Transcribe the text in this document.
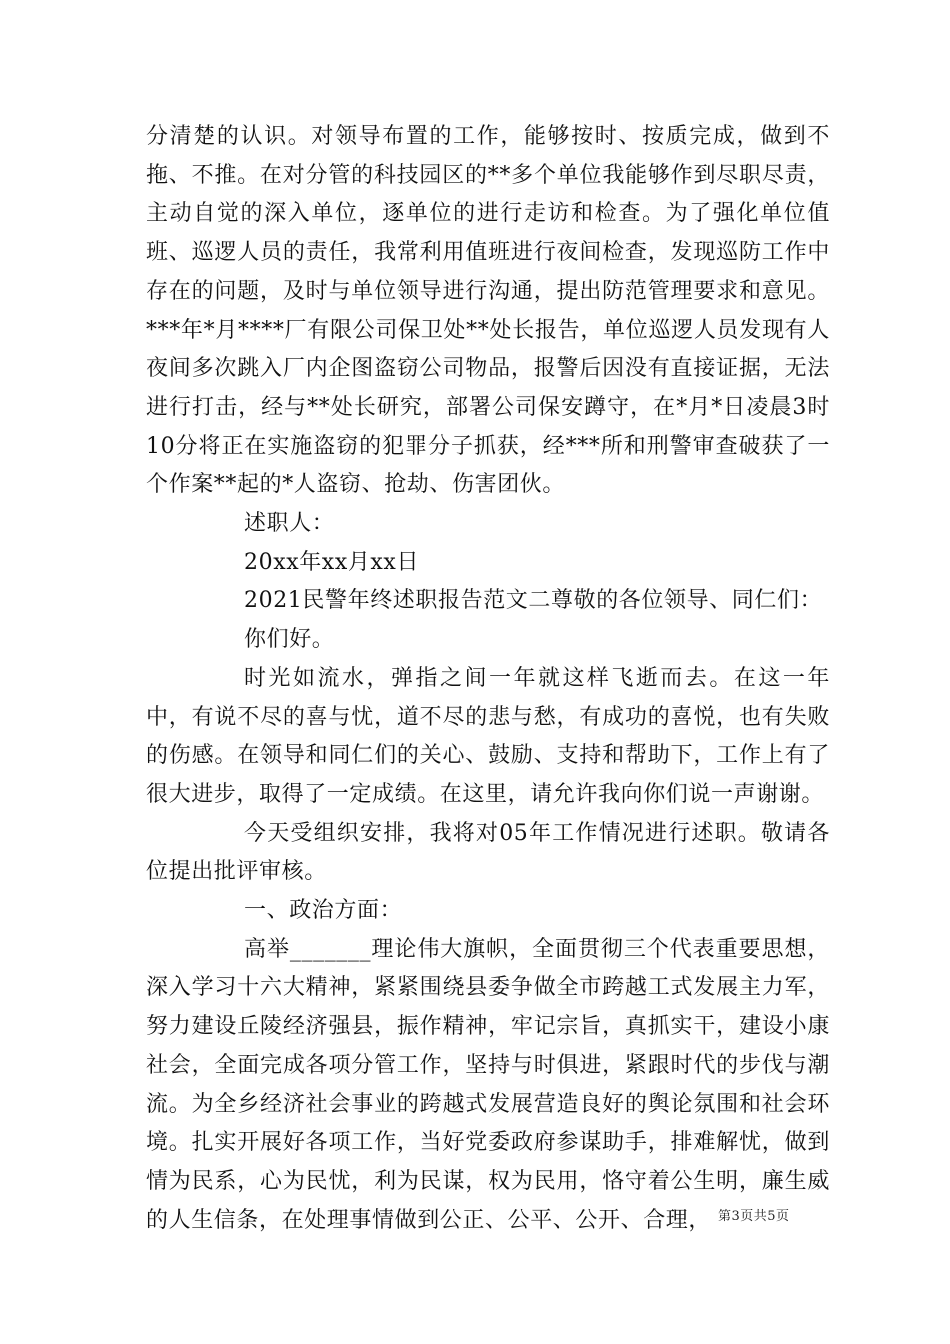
分清楚的认识。对领导布置的工作，能够按时、按质完成，做到不拖、不推。在对分管的科技园区的**多个单位我能够作到尽职尽责，主动自觉的深入单位，逐单位的进行走访和检查。为了强化单位值班、巡逻人员的责任，我常利用值班进行夜间检查，发现巡防工作中存在的问题，及时与单位领导进行沟通，提出防范管理要求和意见。***年*月****厂有限公司保卫处**处长报告，单位巡逻人员发现有人夜间多次跳入厂内企图盗窃公司物品，报警后因没有直接证据，无法进行打击，经与**处长研究，部署公司保安蹲守，在*月*日凌晨3时10分将正在实施盗窃的犯罪分子抓获，经***所和刑警审查破获了一个作案**起的*人盗窃、抢劫、伤害团伙。

述职人：

20xx年xx月xx日

2021民警年终述职报告范文二尊敬的各位领导、同仁们：

你们好。

时光如流水，弹指之间一年就这样飞逝而去。在这一年中，有说不尽的喜与忧，道不尽的悲与愁，有成功的喜悦，也有失败的伤感。在领导和同仁们的关心、鼓励、支持和帮助下，工作上有了很大进步，取得了一定成绩。在这里，请允许我向你们说一声谢谢。

今天受组织安排，我将对05年工作情况进行述职。敬请各位提出批评审核。

一、政治方面：

高举_______理论伟大旗帜，全面贯彻三个代表重要思想，深入学习十六大精神，紧紧围绕县委争做全市跨越工式发展主力军，努力建设丘陵经济强县，振作精神，牢记宗旨，真抓实干，建设小康社会，全面完成各项分管工作，坚持与时俱进，紧跟时代的步伐与潮流。为全乡经济社会事业的跨越式发展营造良好的舆论氛围和社会环境。扎实开展好各项工作，当好党委政府参谋助手，排难解忧，做到情为民系，心为民忧，利为民谋，权为民用，恪守着公生明，廉生威的人生信条，在处理事情做到公正、公平、公开、合理， 第3页共5页
